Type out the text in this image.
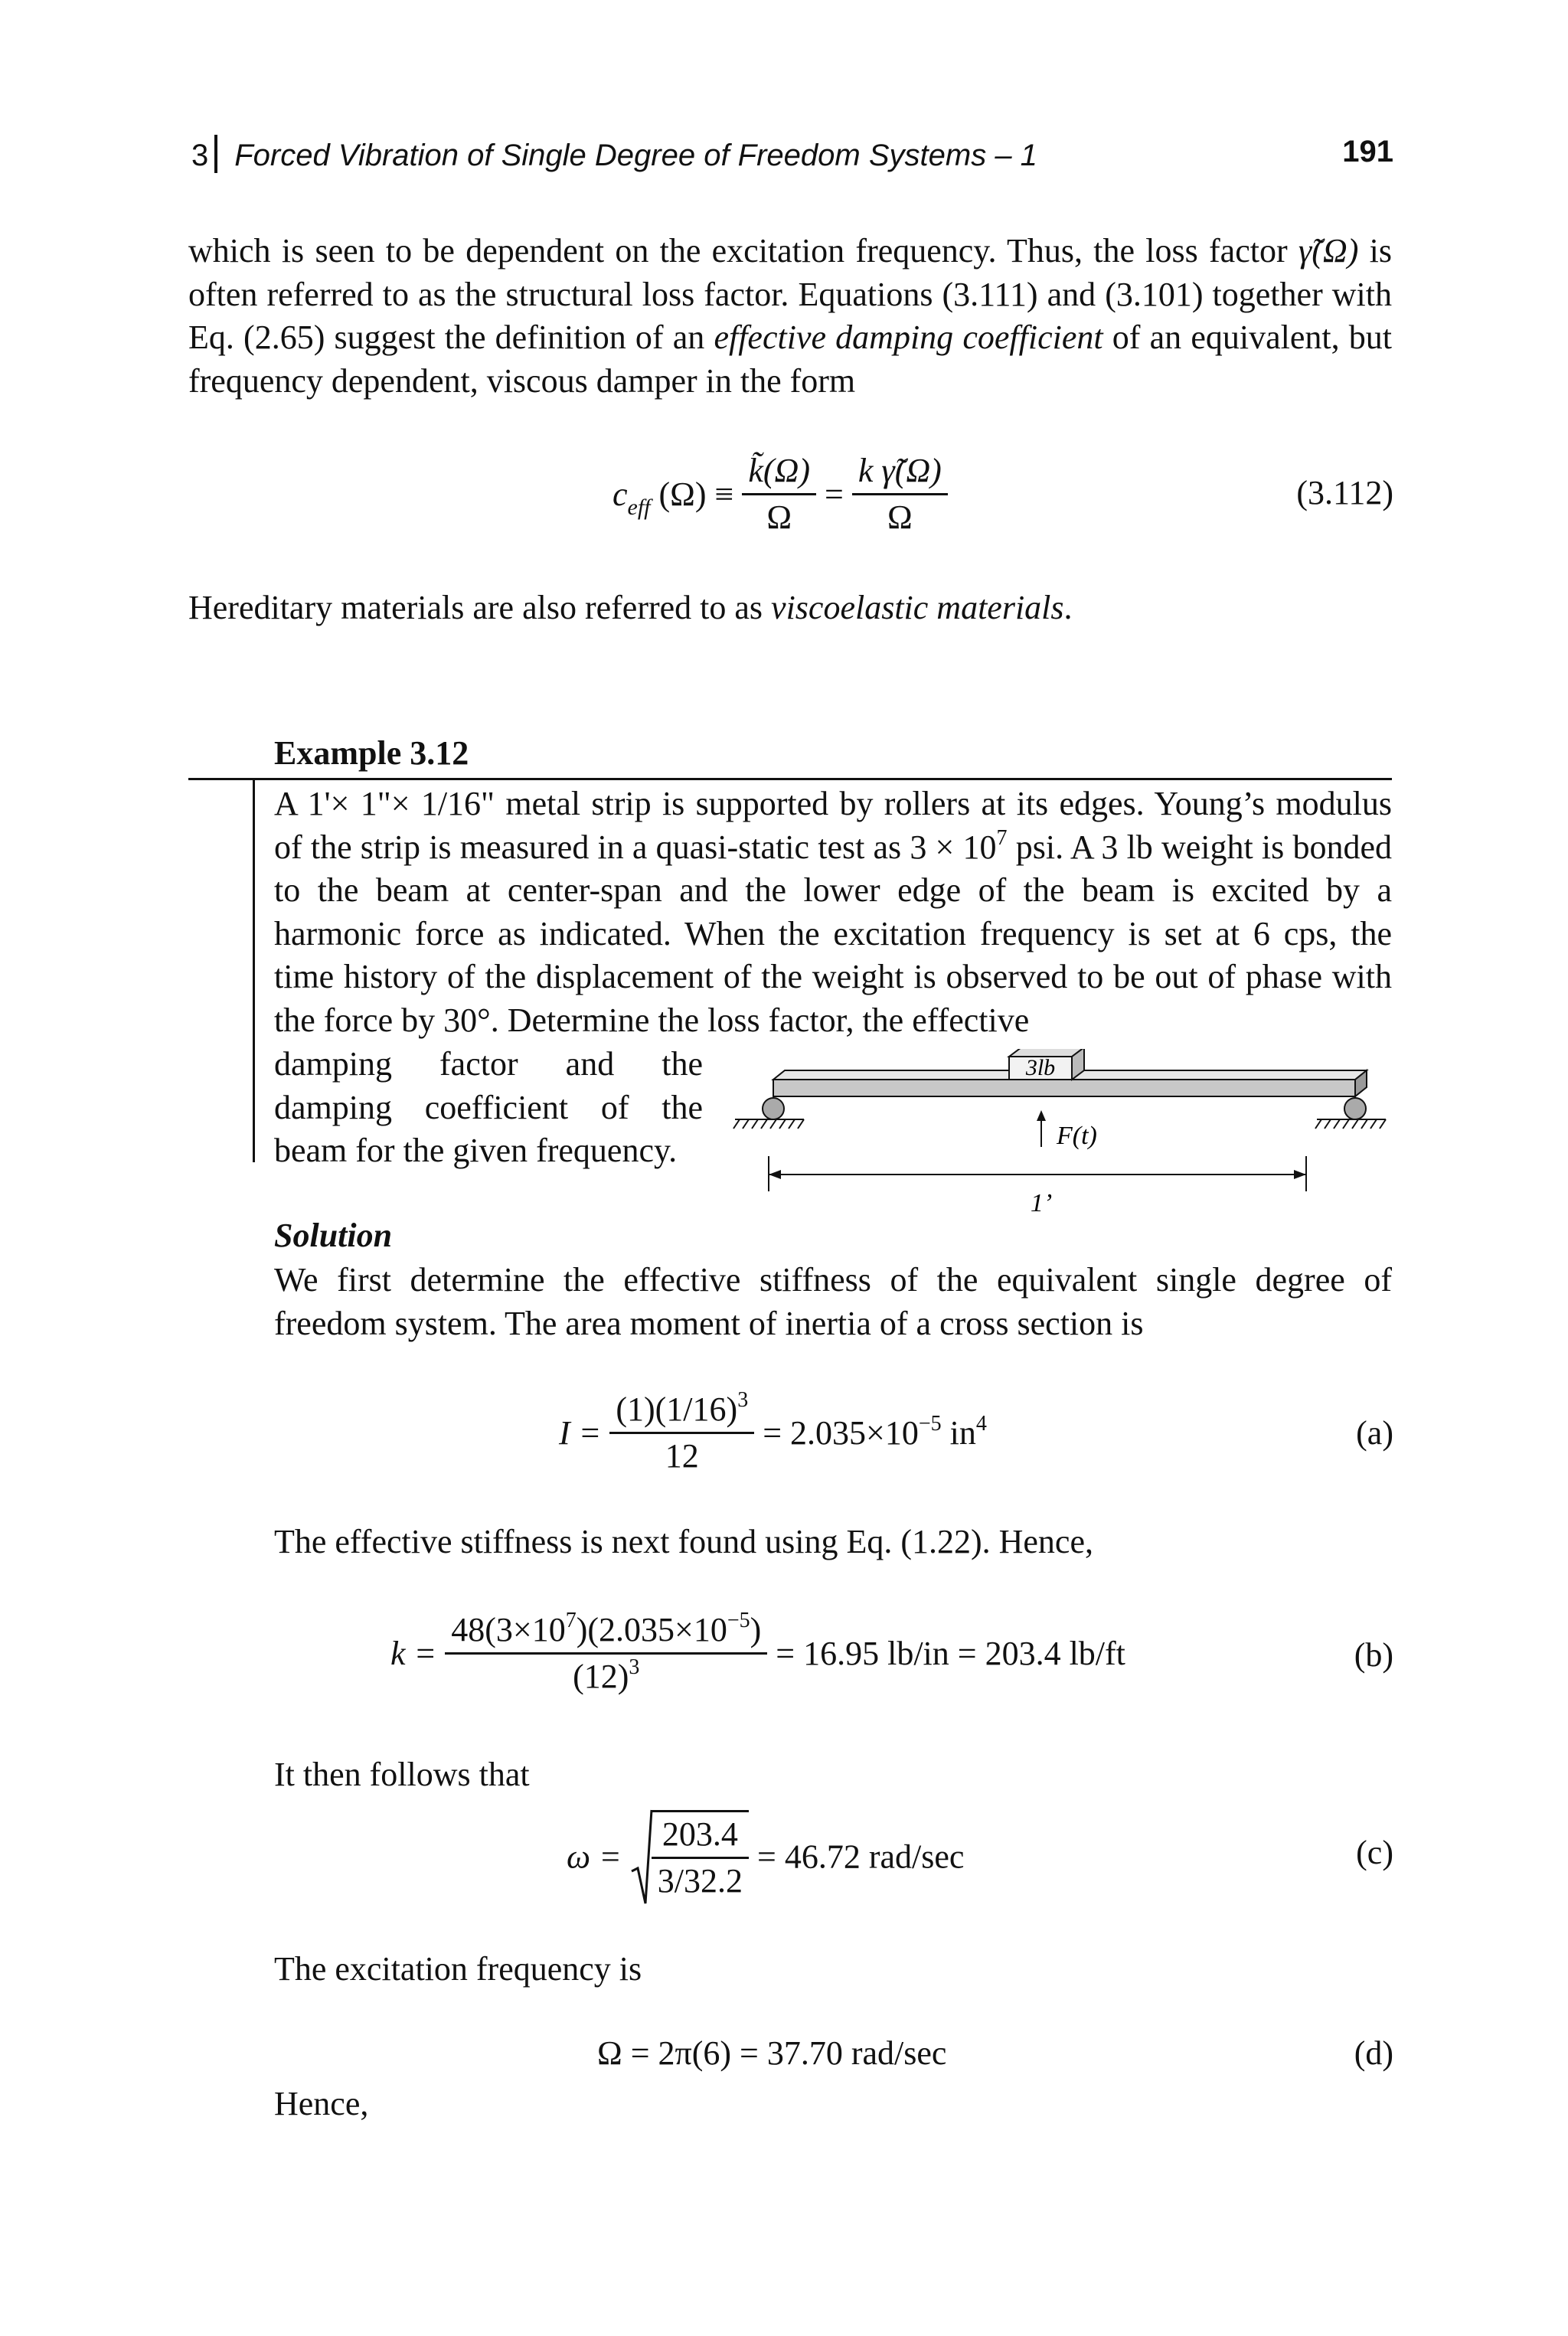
3 Forced Vibration of Single Degree of Freedom Systems – 1	191
which is seen to be dependent on the excitation frequency. Thus, the loss factor γ̃(Ω) is often referred to as the structural loss factor. Equations (3.111) and (3.101) together with Eq. (2.65) suggest the definition of an effective damping coefficient of an equivalent, but frequency dependent, viscous damper in the form
$c_{eff}$ $(\Omega) \equiv \frac{k̃(\Omega)}{\Omega} = \frac{\text{k γ̃(Ω)}}{\Omega}$	(3.112)
Hereditary materials are also referred to as viscoelastic materials.
Example 3.12
A 1'× 1"× 1/16" metal strip is supported by rollers at its edges. Young’s modulus of the strip is measured in a quasi-static test as $3 \times 10^7$ psi. A 3 lb weight is bonded to the beam at center-span and the lower edge of the beam is excited by a harmonic force as indicated. When the excitation frequency is set at 6 cps, the time history of the displacement of the weight is observed to be out of phase with the force by 30°. Determine the loss factor, the effective
damping factor and the damping coefficient of the beam for the given frequency.
3lb
F(t)
1’
Solution
We first determine the effective stiffness of the equivalent single degree of freedom system. The area moment of inertia of a cross section is
$I = \frac{(1)(1/16)^3}{12} = 2.035\times 10^{-5}$ $in^4$	(a)
The effective stiffness is next found using Eq. (1.22). Hence,
$k = \frac{48(3\times 10^7)(2.035\times 10^{-5})}{(12)^3} = 16.95$ lb/in = 203.4 lb/ft	(b)
It then follows that
$\omega = \frac{203.4}{3/32.2} = 46.72$ rad/sec	(c)
The excitation frequency is
Ω = 2π(6) = 37.70 rad/sec	(d)
Hence,
